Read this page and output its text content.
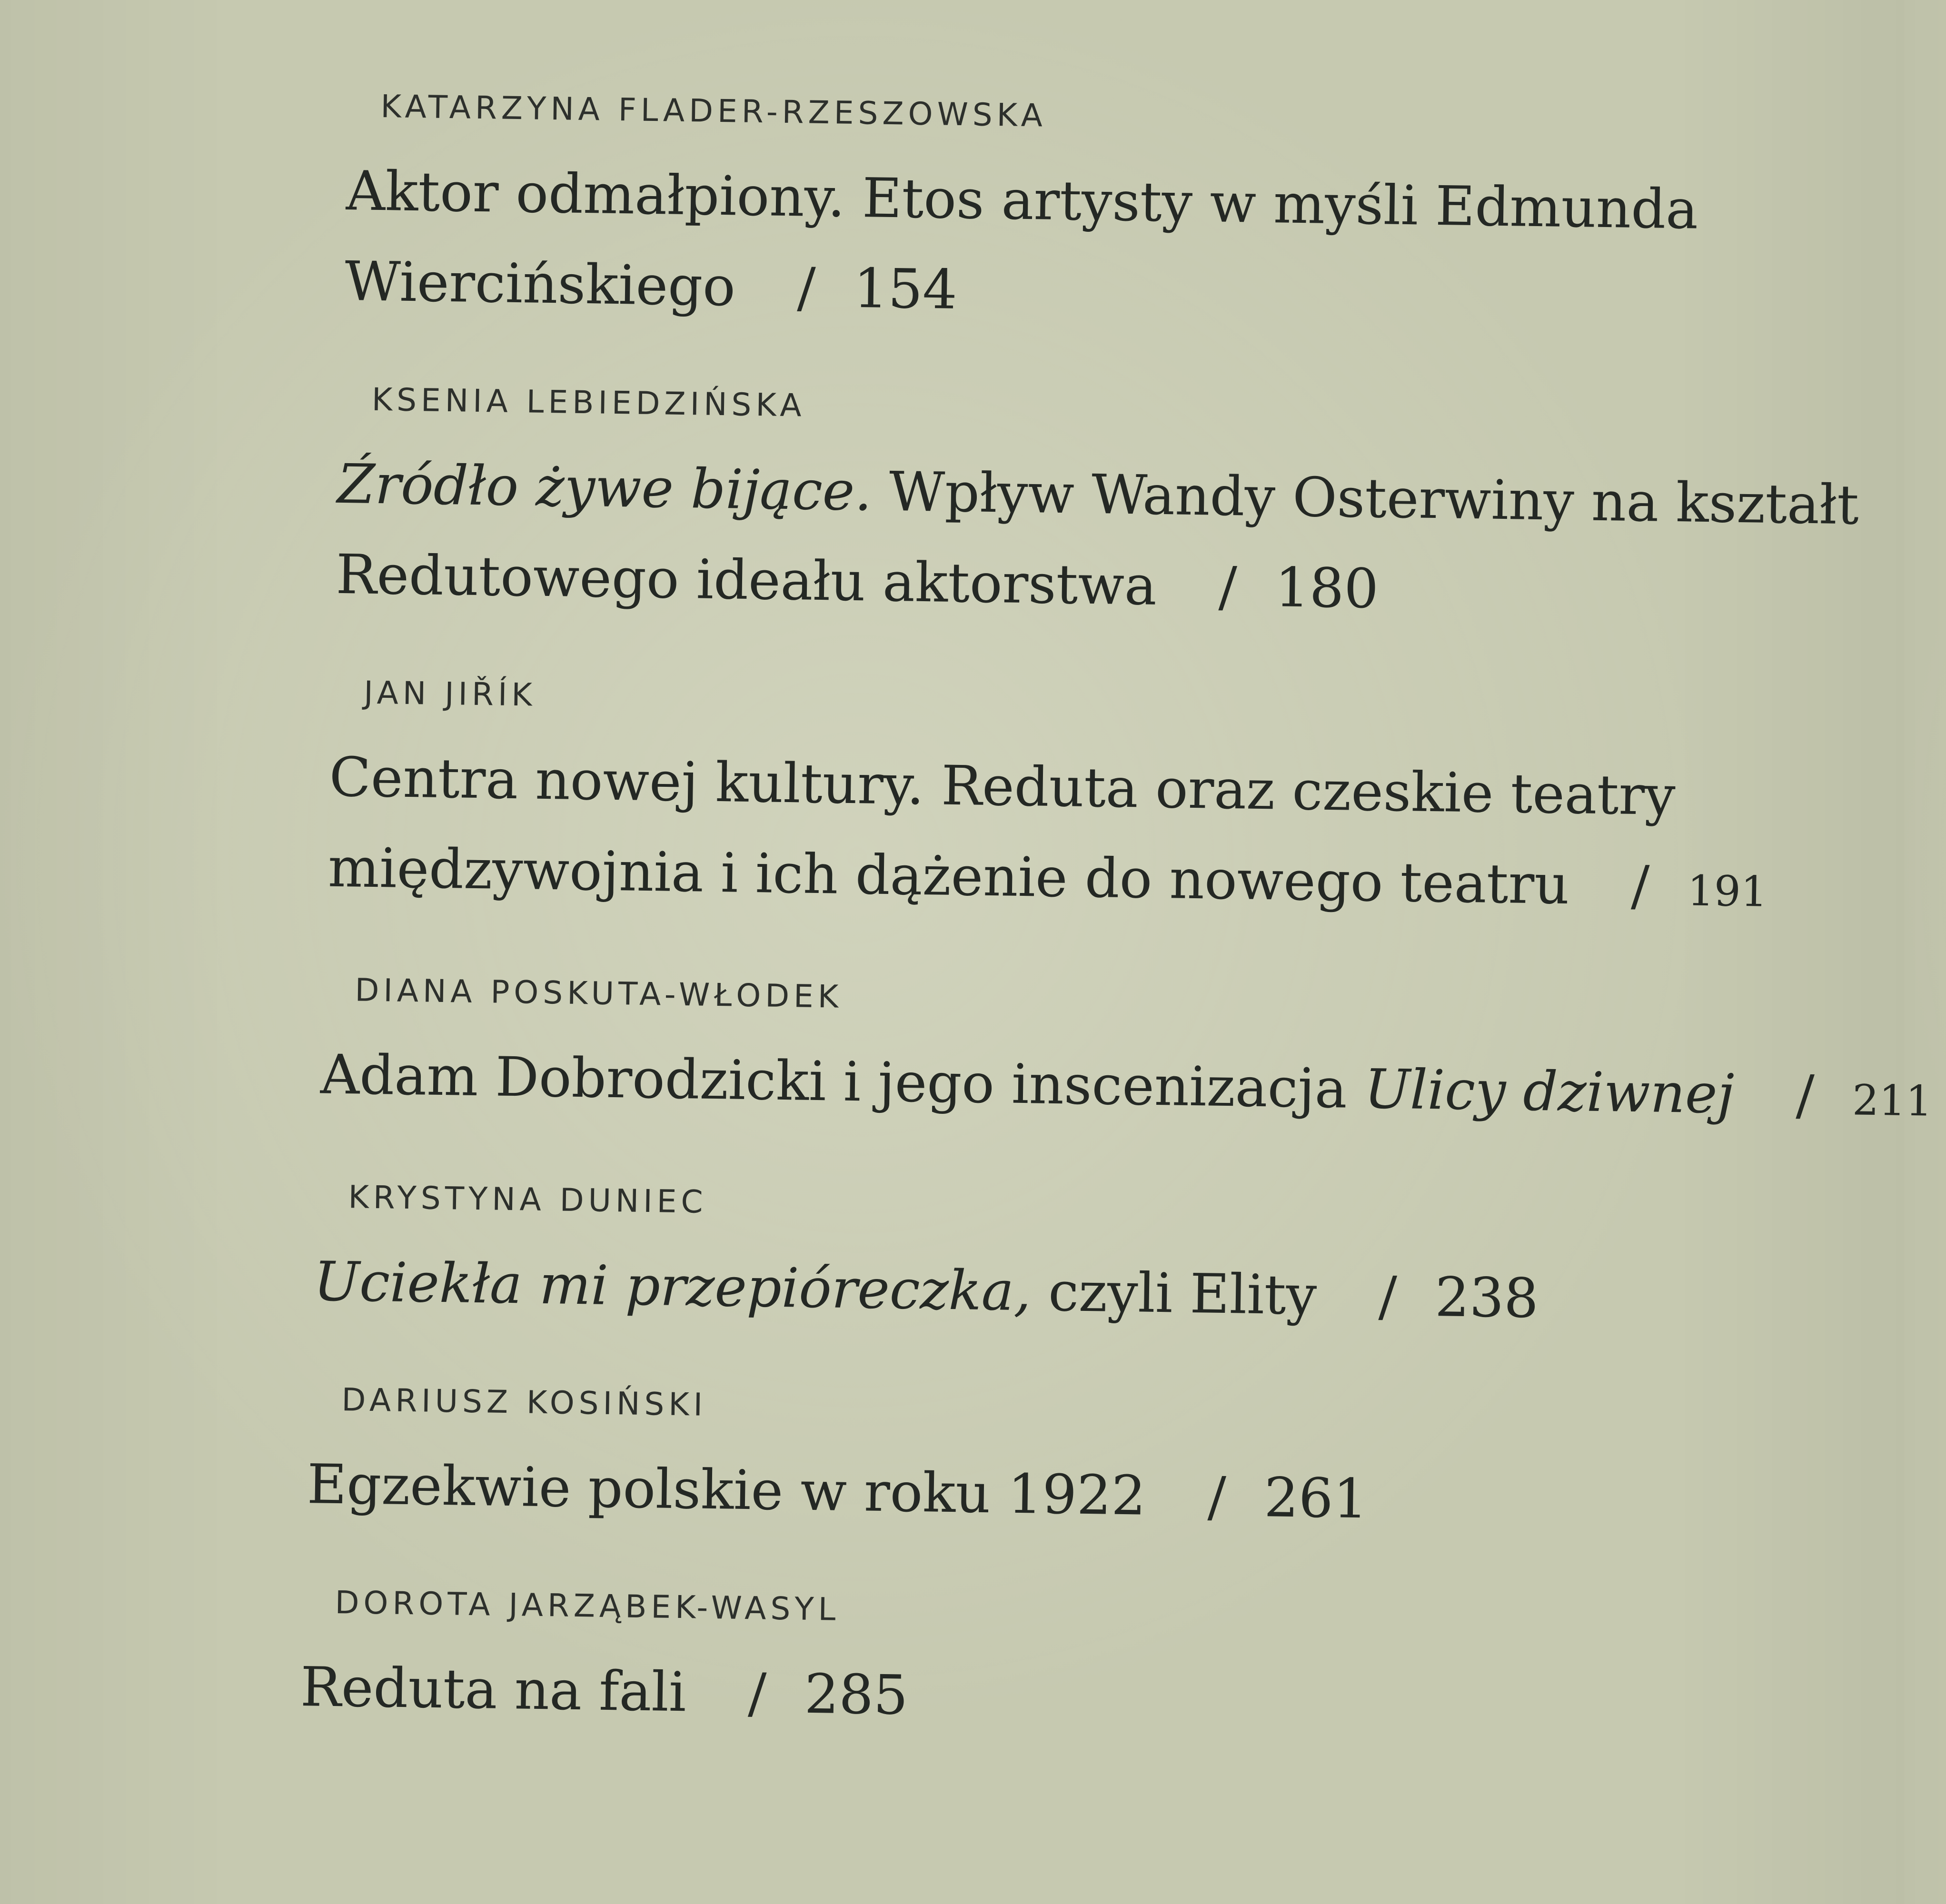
KATARZYNA FLADER-RZESZOWSKA
Aktor odmałpiony. Etos artysty w myśli Edmunda
Wiercińskiego / 154
KSENIA LEBIEDZIŃSKA
Źródło żywe bijące. Wpływ Wandy Osterwiny na kształt
Redutowego ideału aktorstwa / 180
JAN JIŘÍK
Centra nowej kultury. Reduta oraz czeskie teatry
międzywojnia i ich dążenie do nowego teatru / 191
DIANA POSKUTA-WŁODEK
Adam Dobrodzicki i jego inscenizacja Ulicy dziwnej / 211
KRYSTYNA DUNIEC
Uciekła mi przepióreczka, czyli Elity / 238
DARIUSZ KOSIŃSKI
Egzekwie polskie w roku 1922 / 261
DOROTA JARZĄBEK-WASYL
Reduta na fali / 285
